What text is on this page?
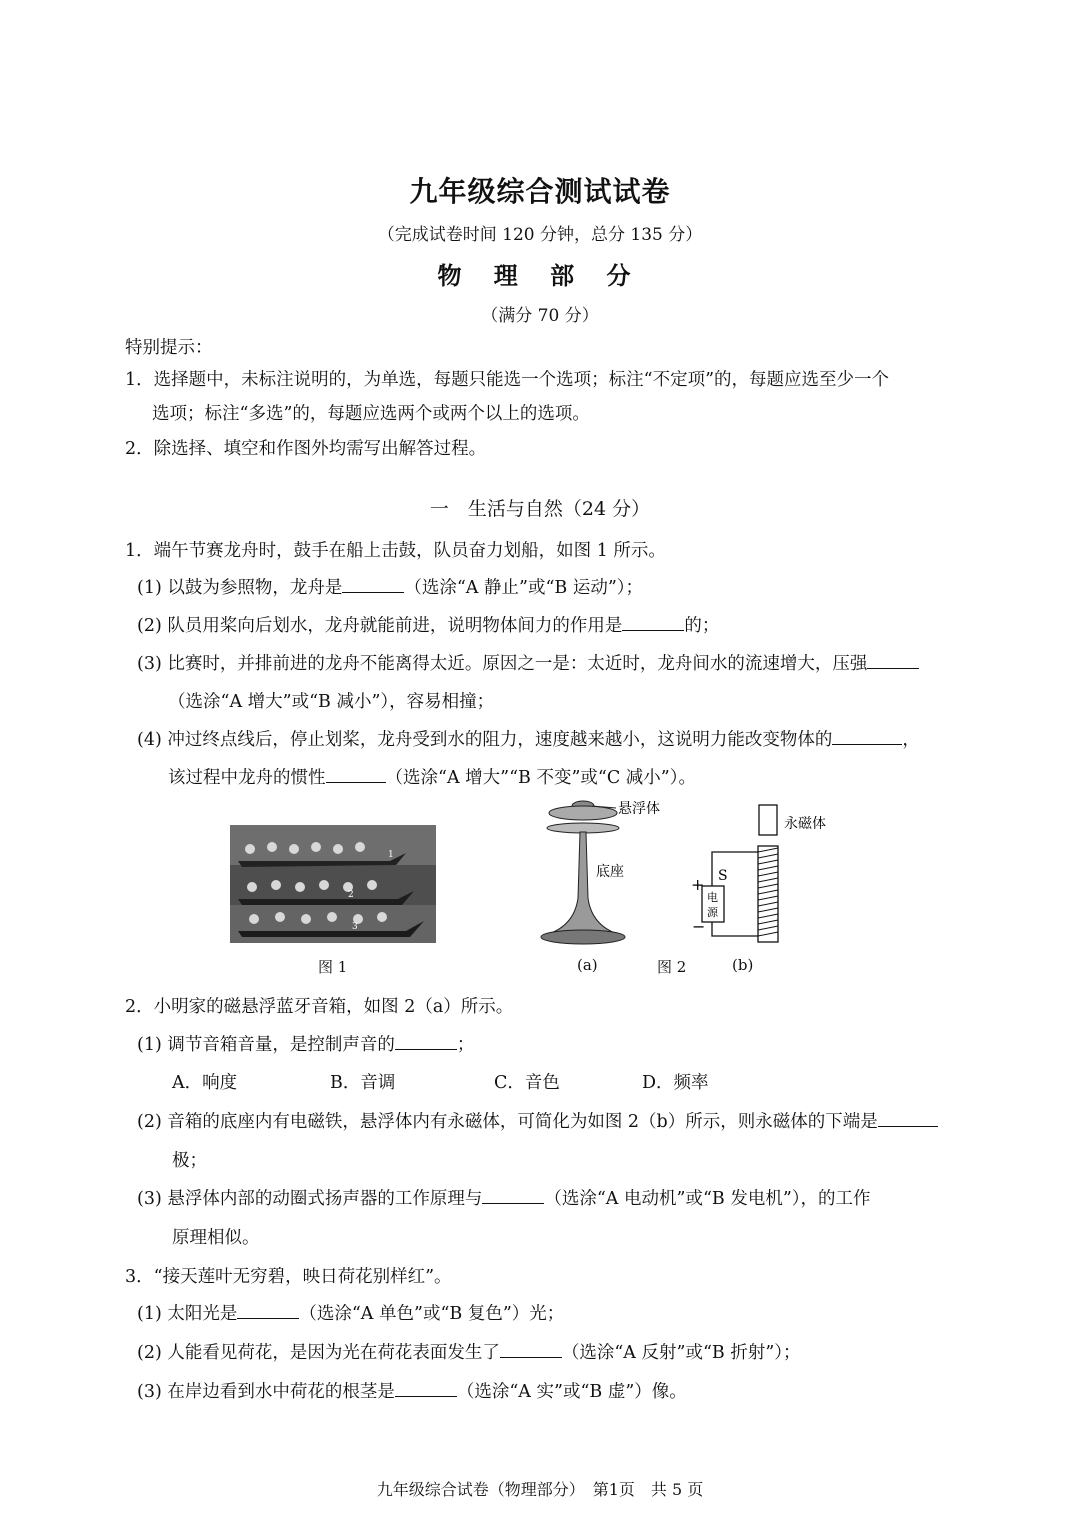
九年级综合测试试卷
（完成试卷时间 120 分钟，总分 135 分）
物 理 部 分
（满分 70 分）
特别提示：
1．选择题中，未标注说明的，为单选，每题只能选一个选项；标注“不定项”的，每题应选至少一个
选项；标注“多选”的，每题应选两个或两个以上的选项。
2．除选择、填空和作图外均需写出解答过程。
一　生活与自然（24 分）
1．端午节赛龙舟时，鼓手在船上击鼓，队员奋力划船，如图 1 所示。
(1) 以鼓为参照物，龙舟是	（选涂“A 静止”或“B 运动”）；
(2) 队员用桨向后划水，龙舟就能前进，说明物体间力的作用是	的；
(3) 比赛时，并排前进的龙舟不能离得太近。原因之一是：太近时，龙舟间水的流速增大，压强
（选涂“A 增大”或“B 减小”），容易相撞；
(4) 冲过终点线后，停止划桨，龙舟受到水的阻力，速度越来越小，这说明力能改变物体的	，
该过程中龙舟的惯性	（选涂“A 增大”“B 不变”或“C 减小”）。
1
2
3
图 1
悬浮体
底座
(a)	图 2
永磁体
电
源
S
+
−
(b)
2．小明家的磁悬浮蓝牙音箱，如图 2（a）所示。
(1) 调节音箱音量，是控制声音的	；
A．响度	B．音调	C．音色	D．频率
(2) 音箱的底座内有电磁铁，悬浮体内有永磁体，可简化为如图 2（b）所示，则永磁体的下端是
极；
(3) 悬浮体内部的动圈式扬声器的工作原理与	（选涂“A 电动机”或“B 发电机”），的工作
原理相似。
3．“接天莲叶无穷碧，映日荷花别样红”。
(1) 太阳光是	（选涂“A 单色”或“B 复色”）光；
(2) 人能看见荷花，是因为光在荷花表面发生了	（选涂“A 反射”或“B 折射”）；
(3) 在岸边看到水中荷花的根茎是	（选涂“A 实”或“B 虚”）像。
九年级综合试卷（物理部分）　第1页　共 5 页
